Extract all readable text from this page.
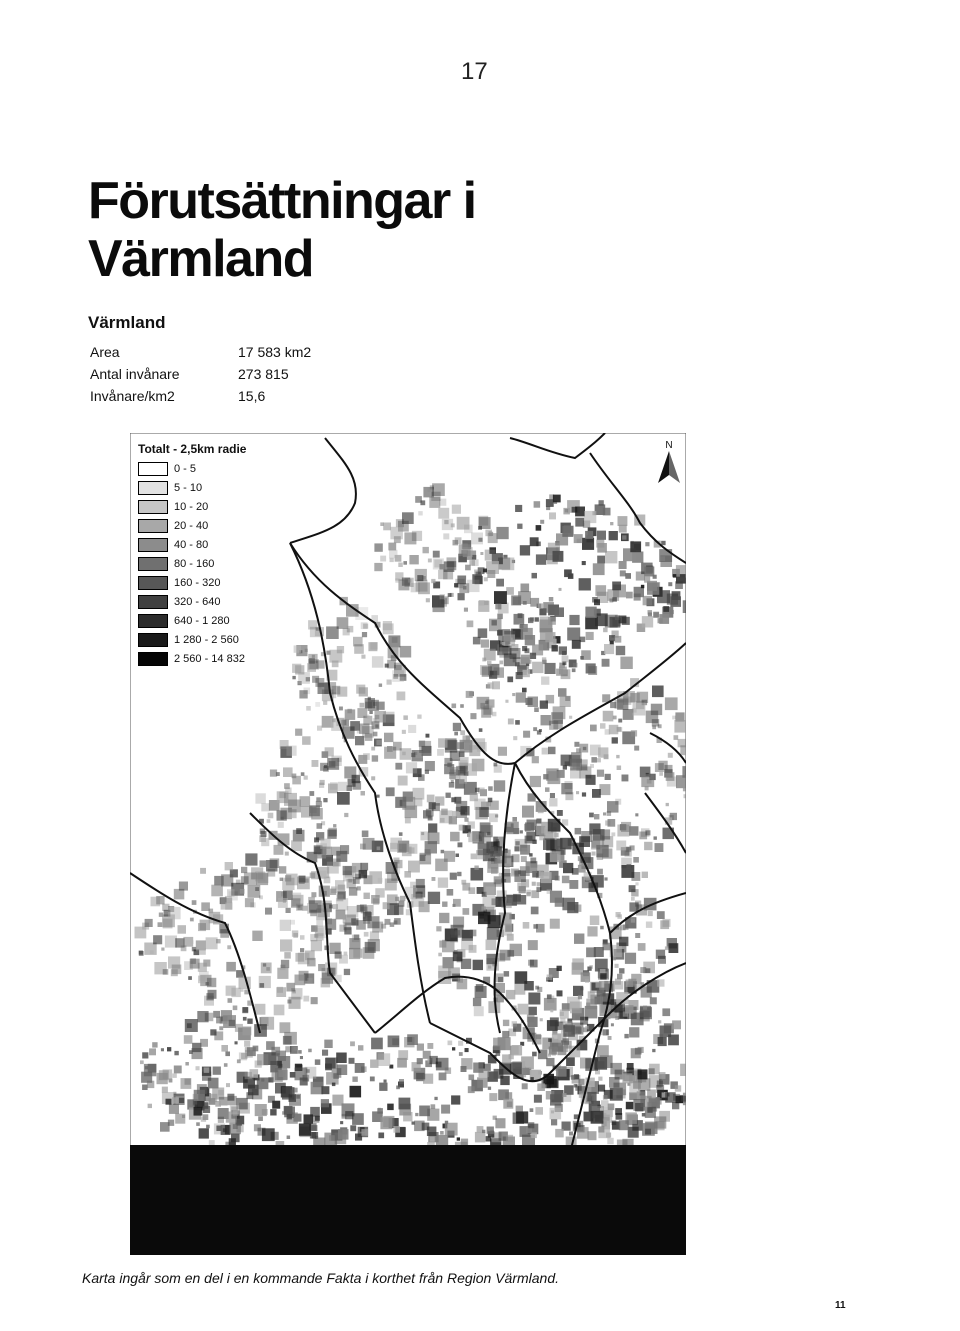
17
Förutsättningar i
Värmland
Värmland
Area	17 583 km2
Antal invånare	273 815
Invånare/km2	15,6
Totalt - 2,5km radie
0 - 5
5 - 10
10 - 20
20 - 40
40 - 80
80 - 160
160 - 320
320 - 640
640 - 1 280
1 280 - 2 560
2 560 - 14 832
N
Karta ingår som en del i en kommande Fakta i korthet från Region Värmland.
11
